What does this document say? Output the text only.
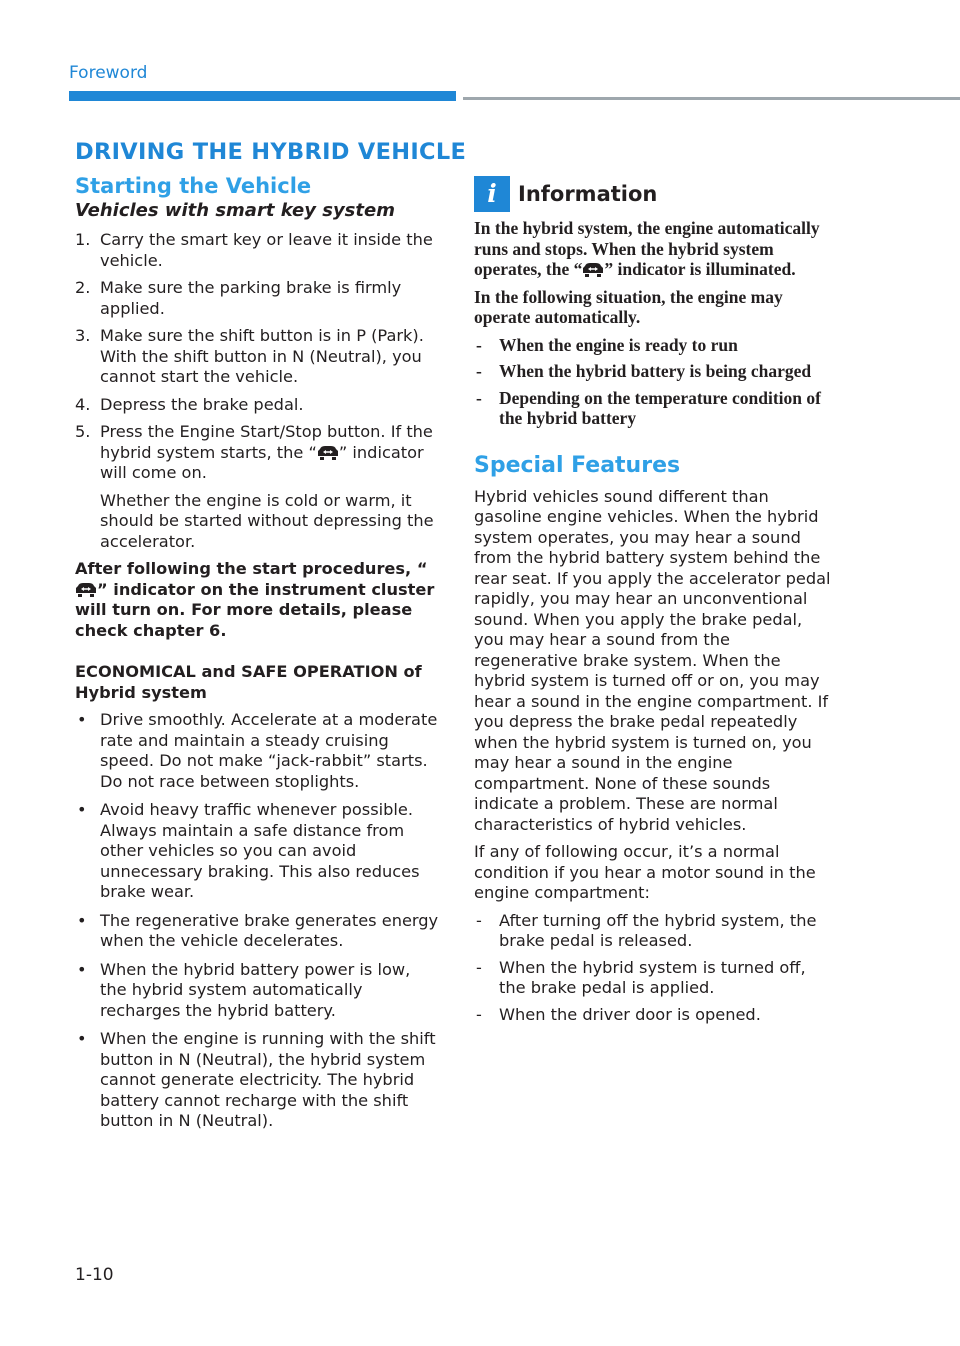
Foreword
DRIVING THE HYBRID VEHICLE
Starting the Vehicle
Vehicles with smart key system
1. Carry the smart key or leave it inside the vehicle.
2. Make sure the parking brake is firmly applied.
3. Make sure the shift button is in P (Park). With the shift button in N (Neutral), you cannot start the vehicle.
4. Depress the brake pedal.
5. Press the Engine Start/Stop button. If the hybrid system starts, the “ ” indicator will come on.

Whether the engine is cold or warm, it should be started without depressing the accelerator.

After following the start procedures, “” indicator on the instrument cluster will turn on. For more details, please check chapter 6.

ECONOMICAL and SAFE OPERATION of Hybrid system

• Drive smoothly. Accelerate at a moderate rate and maintain a steady cruising speed. Do not make “jack-rabbit” starts. Do not race between stoplights.
• Avoid heavy traffic whenever possible. Always maintain a safe distance from other vehicles so you can avoid unnecessary braking. This also reduces brake wear.
• The regenerative brake generates energy when the vehicle decelerates.
• When the hybrid battery power is low, the hybrid system automatically recharges the hybrid battery.
• When the engine is running with the shift button in N (Neutral), the hybrid system cannot generate electricity. The hybrid battery cannot recharge with the shift button in N (Neutral).
i	Information

In the hybrid system, the engine automatically runs and stops. When the hybrid system operates, the “ ” indicator is illuminated.

In the following situation, the engine may operate automatically.

- When the engine is ready to run
- When the hybrid battery is being charged
- Depending on the temperature condition of the hybrid battery
Special Features

Hybrid vehicles sound different than gasoline engine vehicles. When the hybrid system operates, you may hear a sound from the hybrid battery system behind the rear seat. If you apply the accelerator pedal rapidly, you may hear an unconventional sound. When you apply the brake pedal, you may hear a sound from the regenerative brake system. When the hybrid system is turned off or on, you may hear a sound in the engine compartment. If you depress the brake pedal repeatedly when the hybrid system is turned on, you may hear a sound in the engine compartment. None of these sounds indicate a problem. These are normal characteristics of hybrid vehicles.

If any of following occur, it’s a normal condition if you hear a motor sound in the engine compartment:

- After turning off the hybrid system, the brake pedal is released.
- When the hybrid system is turned off, the brake pedal is applied.
- When the driver door is opened.
1-10
